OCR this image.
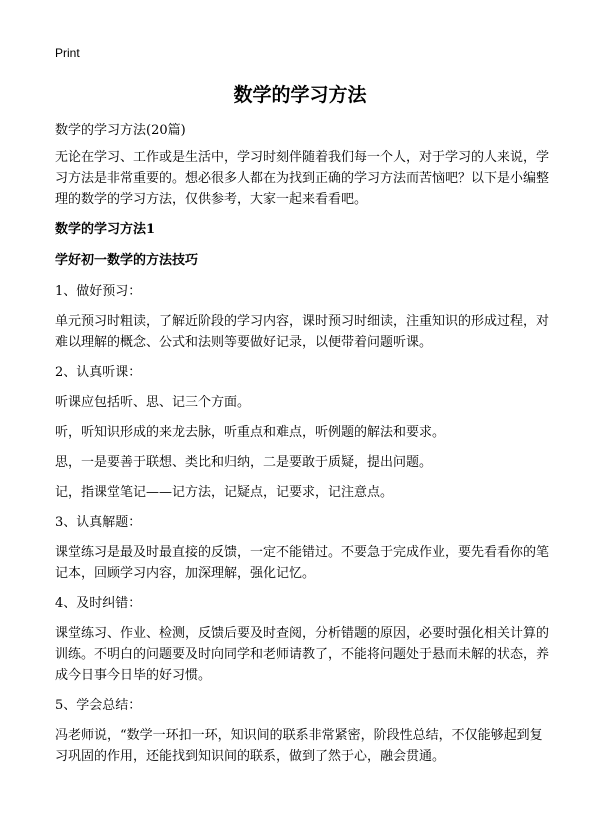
Print
数学的学习方法

数学的学习方法(20篇)

无论在学习、工作或是生活中，学习时刻伴随着我们每一个人，对于学习的人来说，学习方法是非常重要的。想必很多人都在为找到正确的学习方法而苦恼吧？以下是小编整理的数学的学习方法，仅供参考，大家一起来看看吧。

数学的学习方法1

学好初一数学的方法技巧

1、做好预习：

单元预习时粗读，了解近阶段的学习内容，课时预习时细读，注重知识的形成过程，对难以理解的概念、公式和法则等要做好记录，以便带着问题听课。

2、认真听课：

听课应包括听、思、记三个方面。

听，听知识形成的来龙去脉，听重点和难点，听例题的解法和要求。

思，一是要善于联想、类比和归纳，二是要敢于质疑，提出问题。

记，指课堂笔记——记方法，记疑点，记要求，记注意点。

3、认真解题：

课堂练习是最及时最直接的反馈，一定不能错过。不要急于完成作业，要先看看你的笔记本，回顾学习内容，加深理解，强化记忆。

4、及时纠错：

课堂练习、作业、检测，反馈后要及时查阅，分析错题的原因，必要时强化相关计算的训练。不明白的问题要及时向同学和老师请教了，不能将问题处于悬而未解的状态，养成今日事今日毕的好习惯。

5、学会总结：

冯老师说，“数学一环扣一环，知识间的联系非常紧密，阶段性总结，不仅能够起到复习巩固的作用，还能找到知识间的联系，做到了然于心，融会贯通。
